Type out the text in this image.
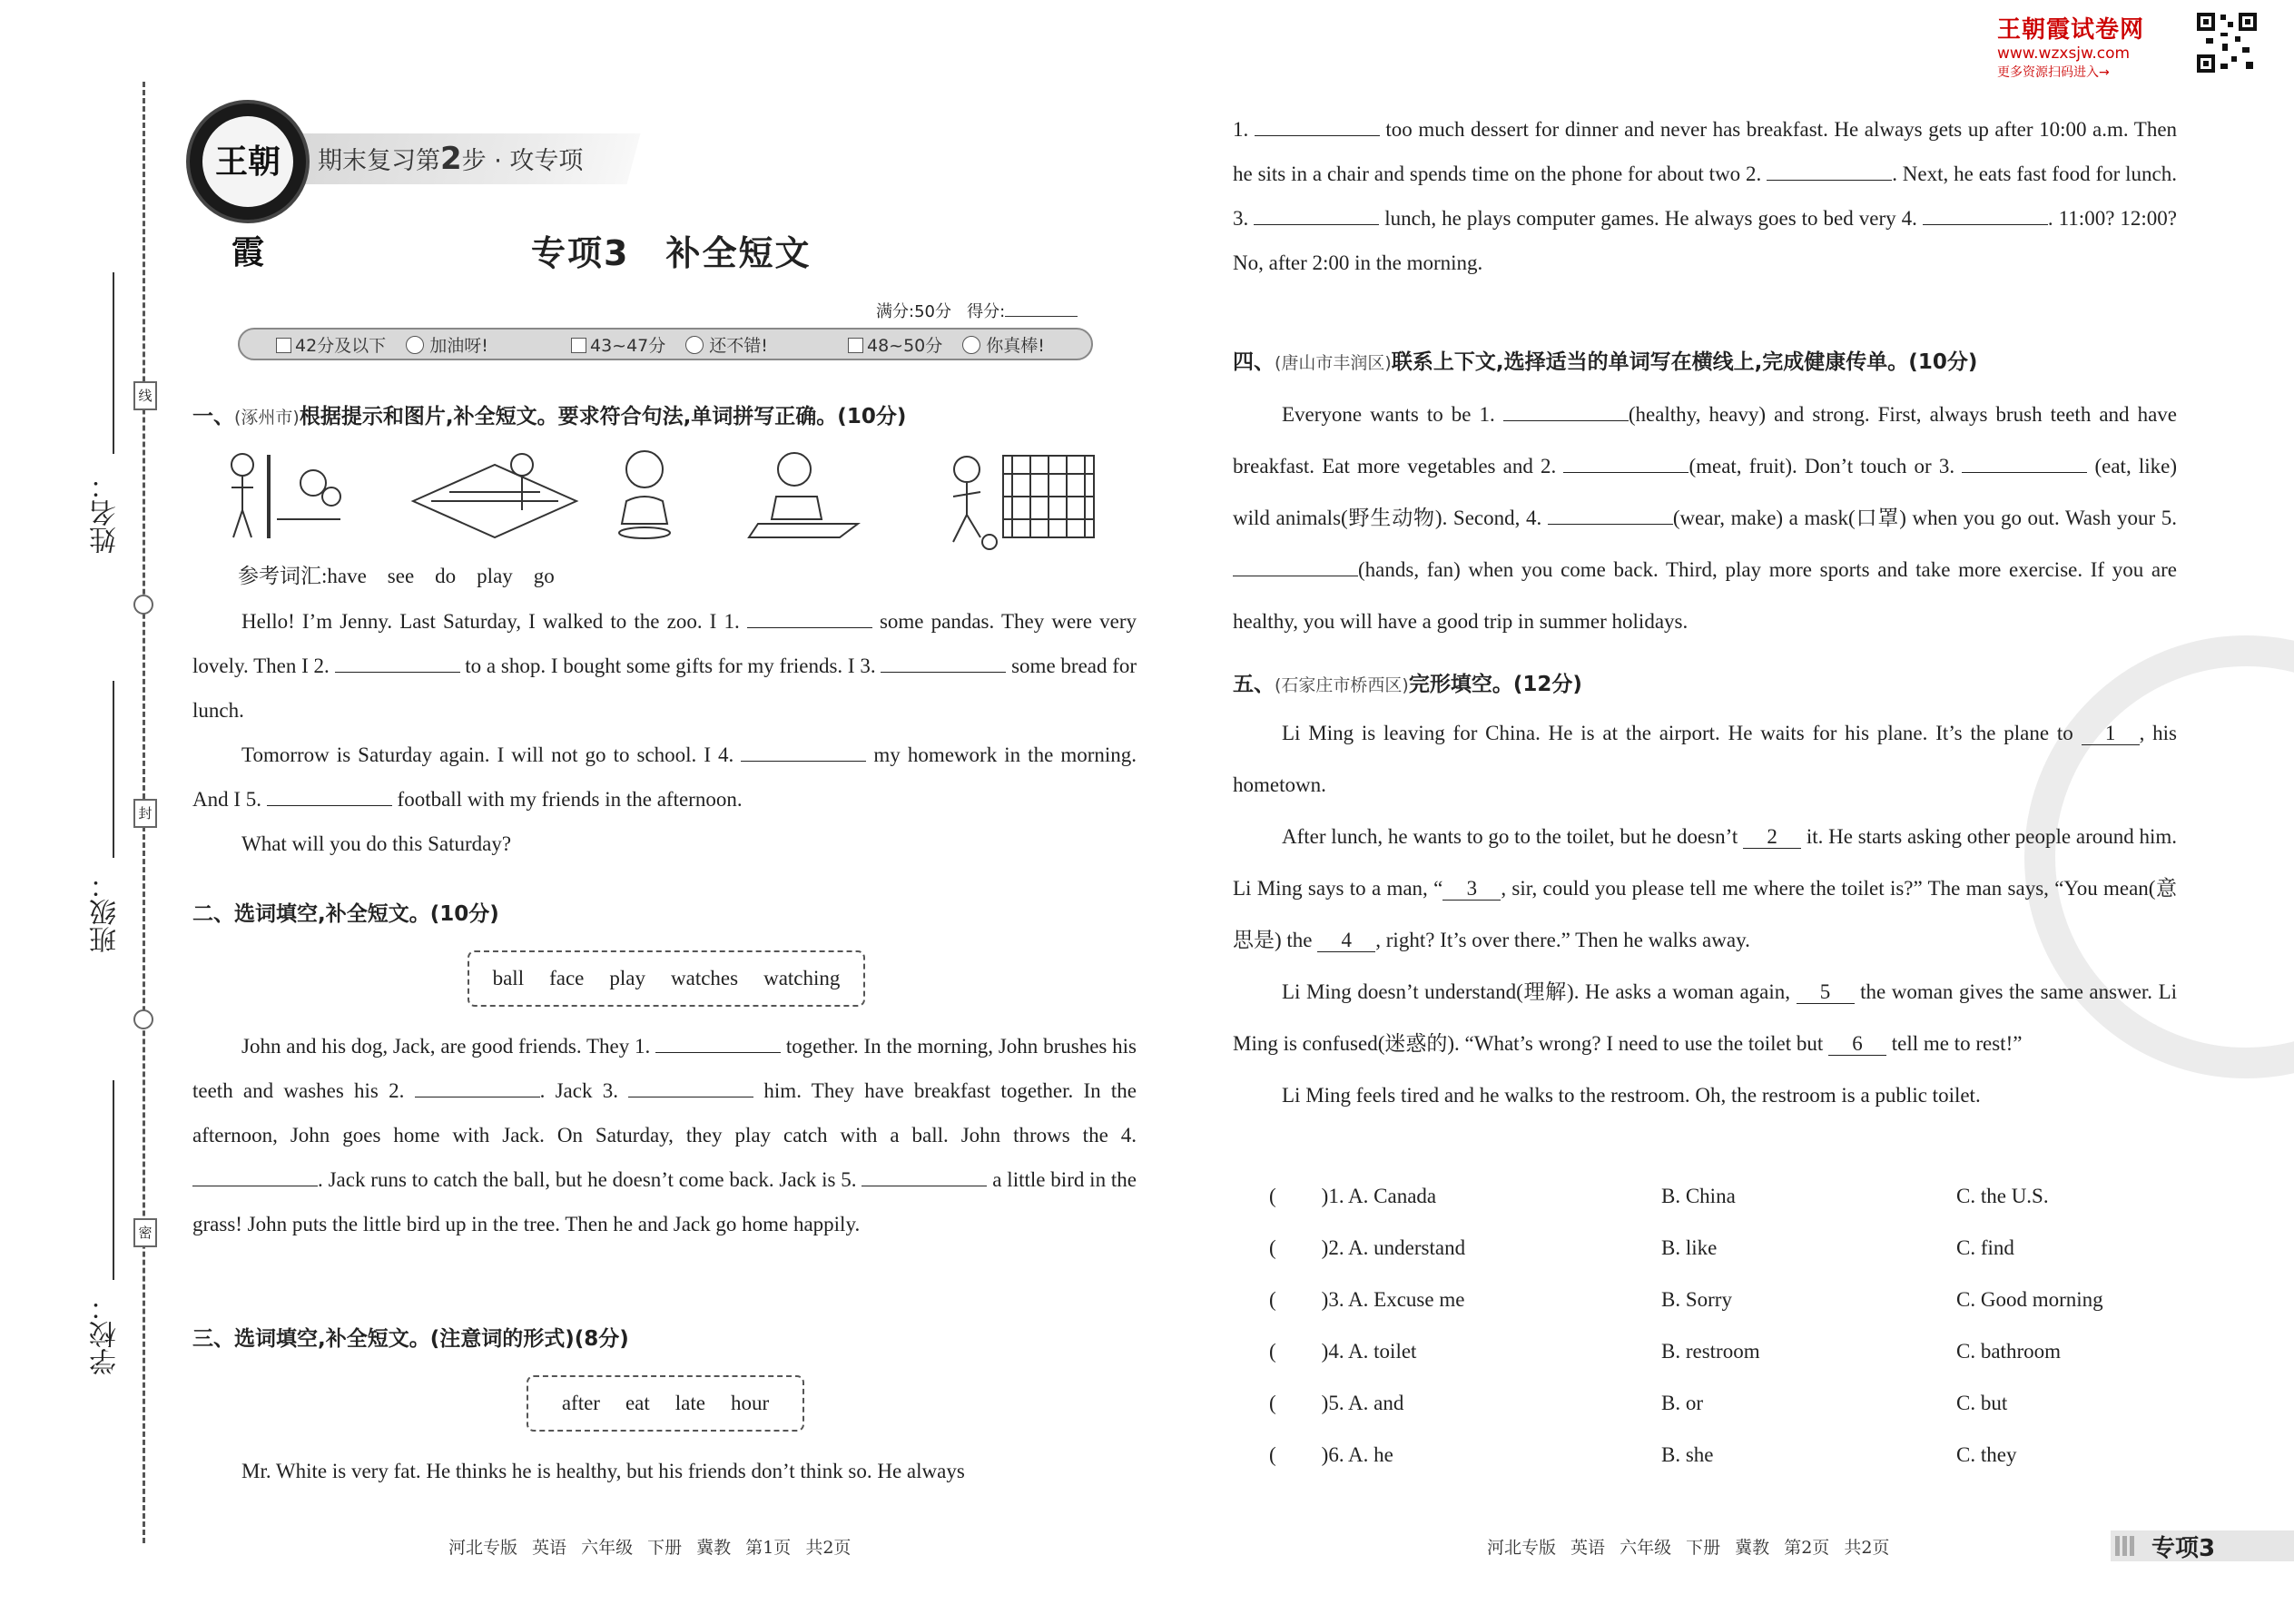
线
封
密
姓名：
班级：
学校：
期末复习第2步 · 攻专项
王朝霞	专项3　补全短文
满分:50分 得分:
42分及以下	加油呀!	43~47分	还不错!	48~50分	你真棒!
一、(涿州市)根据提示和图片,补全短文。要求符合句法,单词拼写正确。(10分)
参考词汇:have　see　do　play　go
Hello! I’m Jenny. Last Saturday, I walked to the zoo. I 1.	some pandas. They were very lovely. Then I 2.	to a shop. I bought some gifts for my friends. I 3.	some bread for lunch.
Tomorrow is Saturday again. I will not go to school. I 4.	my homework in the morning. And I 5.	football with my friends in the afternoon.
What will you do this Saturday?
二、选词填空,补全短文。(10分)
ball face play watches watching
John and his dog, Jack, are good friends. They 1.	together. In the morning, John brushes his teeth and washes his 2.	. Jack 3.	him. They have breakfast together. In the afternoon, John goes home with Jack. On Saturday, they play catch with a ball. John throws the 4. . Jack runs to catch the ball, but he doesn’t come back. Jack is 5.	a little bird in the grass! John puts the little bird up in the tree. Then he and Jack go home happily.
三、选词填空,补全短文。(注意词的形式)(8分)
after eat late hour
Mr. White is very fat. He thinks he is healthy, but his friends don’t think so. He always
王朝霞试卷网
www.wzxsjw.com
更多资源扫码进入→
1.	too much dessert for dinner and never has breakfast. He always gets up after 10:00 a.m. Then he sits in a chair and spends time on the phone for about two 2.	. Next, he eats fast food for lunch. 3.	lunch, he plays computer games. He always goes to bed very 4.	. 11:00? 12:00? No, after 2:00 in the morning.
四、(唐山市丰润区)联系上下文,选择适当的单词写在横线上,完成健康传单。(10分)
Everyone wants to be 1.	(healthy, heavy) and strong. First, always brush teeth and have breakfast. Eat more vegetables and 2.	(meat, fruit). Don’t touch or 3.	(eat, like) wild animals(野生动物). Second, 4.	(wear, make) a mask(口罩) when you go out. Wash your 5. (hands, fan) when you come back. Third, play more sports and take more exercise. If you are healthy, you will have a good trip in summer holidays.
五、(石家庄市桥西区)完形填空。(12分)
Li Ming is leaving for China. He is at the airport. He waits for his plane. It’s the plane to 1 , his hometown.
After lunch, he wants to go to the toilet, but he doesn’t 2 it. He starts asking other people around him. Li Ming says to a man, “ 3 , sir, could you please tell me where the toilet is?” The man says, “You mean(意思是) the 4 , right? It’s over there.” Then he walks away.
Li Ming doesn’t understand(理解). He asks a woman again, 5 the woman gives the same answer. Li Ming is confused(迷惑的). “What’s wrong? I need to use the toilet but 6 tell me to rest!”
Li Ming feels tired and he walks to the restroom. Oh, the restroom is a public toilet.
( )1. A. Canada	B. China	C. the U.S.
( )2. A. understand	B. like	C. find
( )3. A. Excuse me	B. Sorry	C. Good morning
( )4. A. toilet	B. restroom	C. bathroom
( )5. A. and	B. or	C. but
( )6. A. he	B. she	C. they
河北专版 英语 六年级 下册 冀教 第1页 共2页	河北专版 英语 六年级 下册 冀教 第2页 共2页	专项3
